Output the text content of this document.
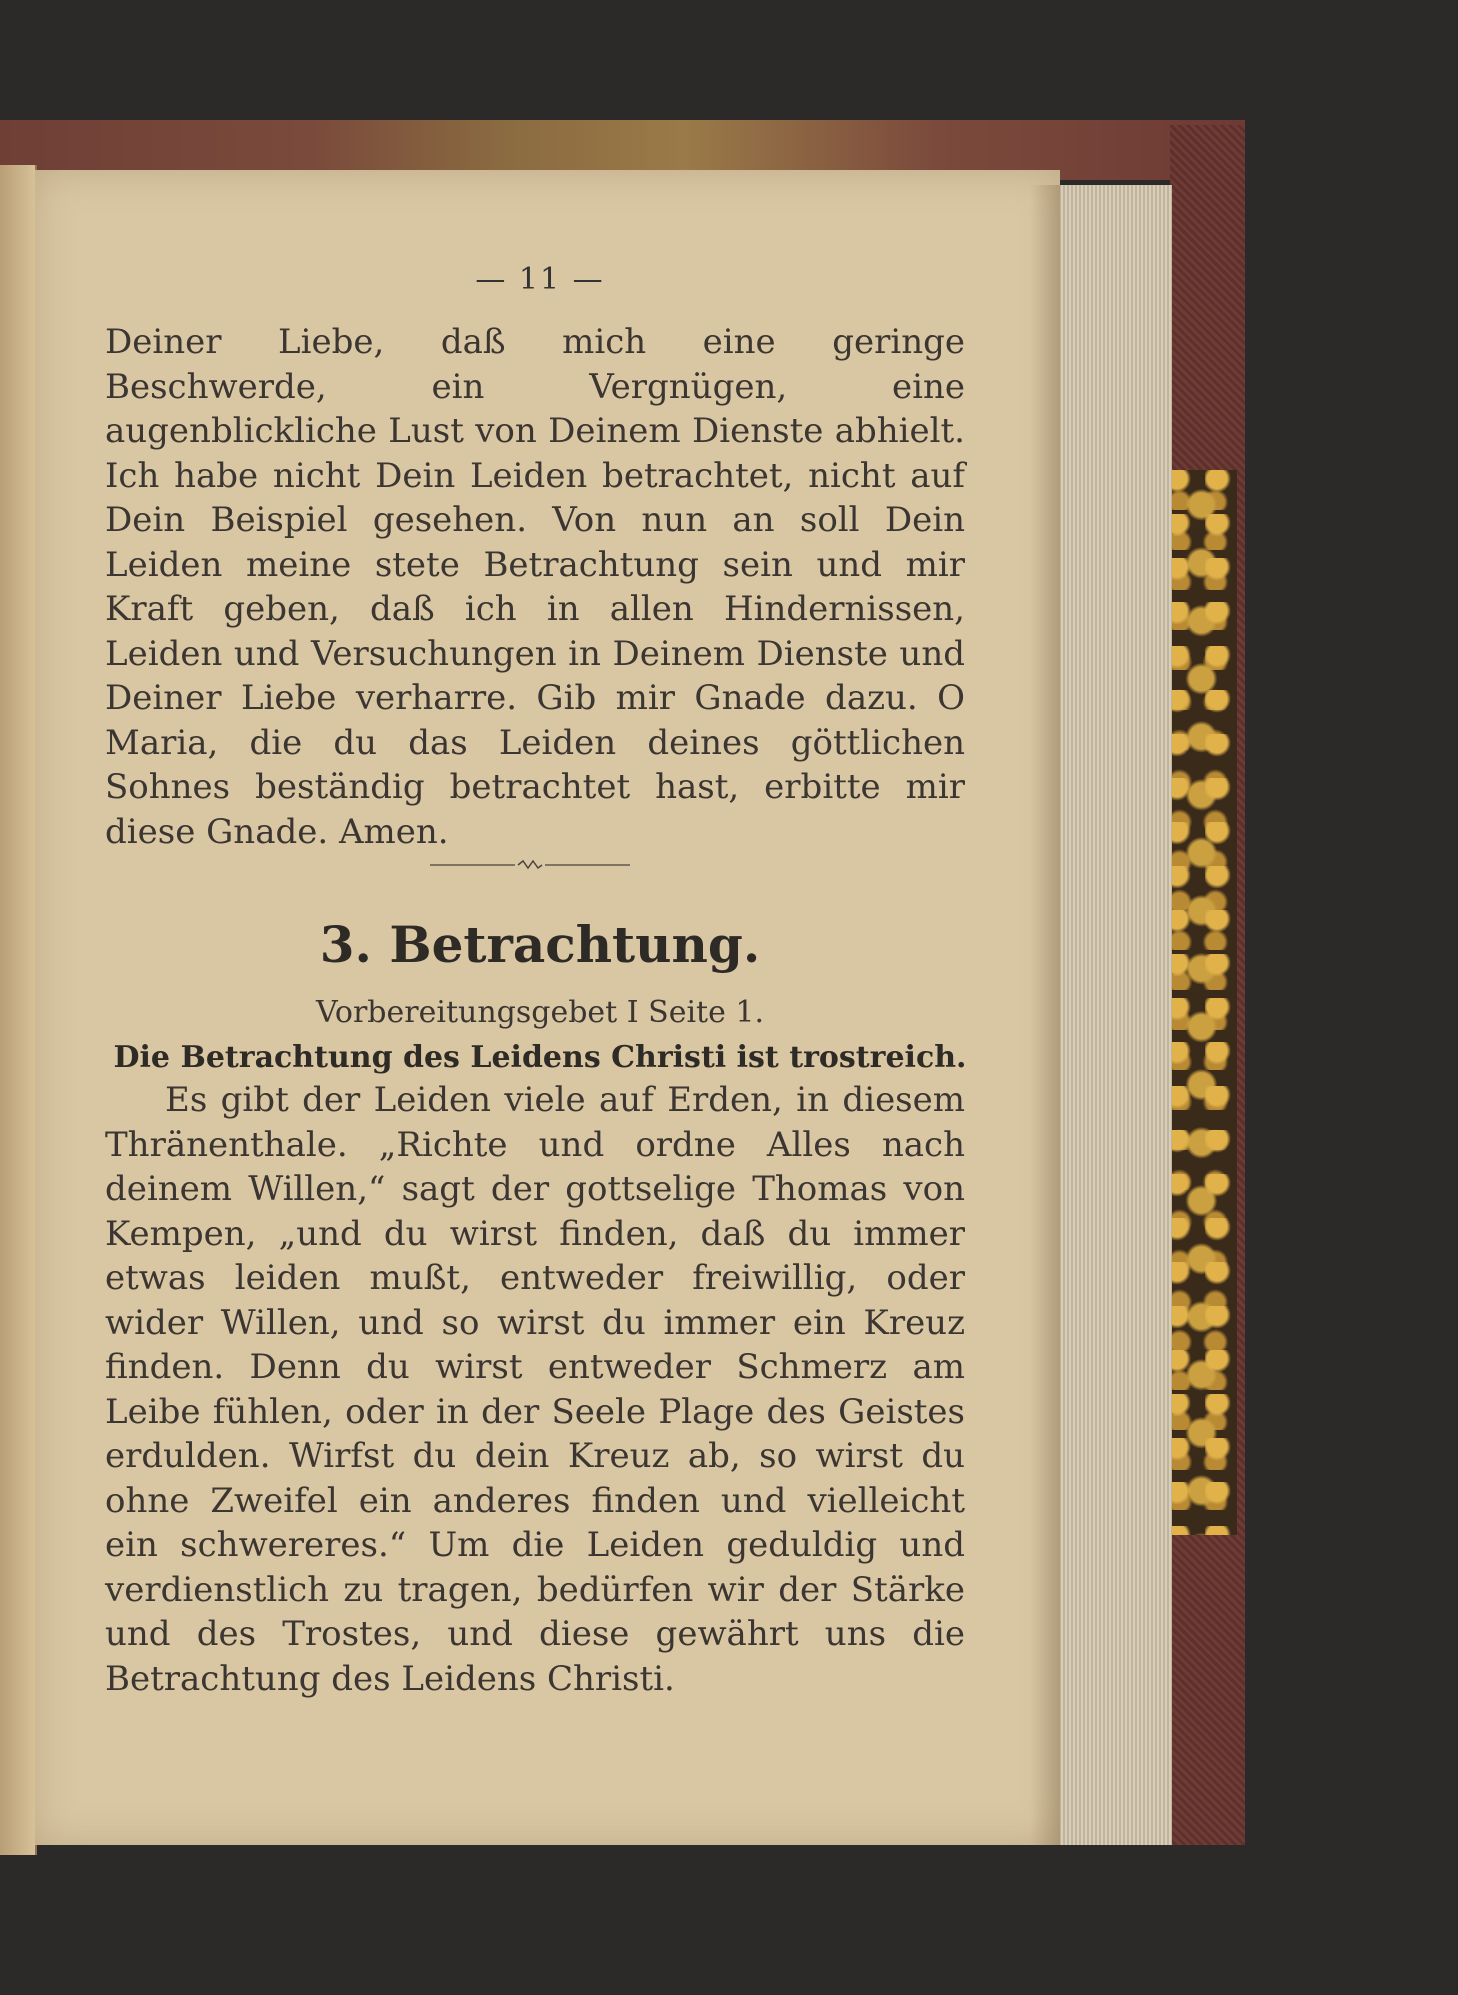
— 11 —
Deiner Liebe, daß mich eine geringe Beschwerde, ein Vergnügen, eine augenblickliche Lust von Deinem Dienste abhielt. Ich habe nicht Dein Leiden betrachtet, nicht auf Dein Beispiel gesehen. Von nun an soll Dein Leiden meine stete Betrachtung sein und mir Kraft geben, daß ich in allen Hindernissen, Leiden und Versuchungen in Deinem Dienste und Deiner Liebe verharre. Gib mir Gnade dazu. O Maria, die du das Leiden deines göttlichen Sohnes beständig betrachtet hast, erbitte mir diese Gnade. Amen.
3. Betrachtung.
Vorbereitungsgebet I Seite 1.
Die Betrachtung des Leidens Christi ist trostreich.
Es gibt der Leiden viele auf Erden, in diesem Thränenthale. „Richte und ordne Alles nach deinem Willen,“ sagt der gottselige Thomas von Kempen, „und du wirst finden, daß du immer etwas leiden mußt, entweder freiwillig, oder wider Willen, und so wirst du immer ein Kreuz finden. Denn du wirst entweder Schmerz am Leibe fühlen, oder in der Seele Plage des Geistes erdulden. Wirfst du dein Kreuz ab, so wirst du ohne Zweifel ein anderes finden und vielleicht ein schwereres.“ Um die Leiden geduldig und verdienstlich zu tragen, bedürfen wir der Stärke und des Trostes, und diese gewährt uns die Betrachtung des Leidens Christi.
